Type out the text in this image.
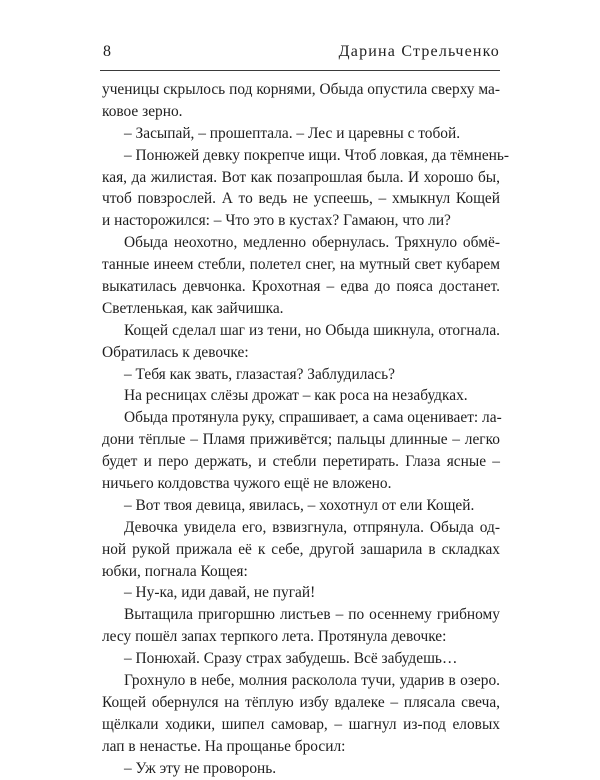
8	Дарина Стрельченко
ученицы скрылось под корнями, Обыда опустила сверху ма-
ковое зерно.
– Засыпай, – прошептала. – Лес и царевны с тобой.
– Понюжей девку покрепче ищи. Чтоб ловкая, да тёмнень-
кая, да жилистая. Вот как позапрошлая была. И хорошо бы,
чтоб повзрослей. А то ведь не успеешь, – хмыкнул Кощей
и насторожился: – Что это в кустах? Гамаюн, что ли?
Обыда неохотно, медленно обернулась. Тряхнуло обмё-
танные инеем стебли, полетел снег, на мутный свет кубарем
выкатилась девчонка. Крохотная – едва до пояса достанет.
Светленькая, как зайчишка.
Кощей сделал шаг из тени, но Обыда шикнула, отогнала.
Обратилась к девочке:
– Тебя как звать, глазастая? Заблудилась?
На ресницах слёзы дрожат – как роса на незабудках.
Обыда протянула руку, спрашивает, а сама оценивает: ла-
дони тёплые – Пламя приживётся; пальцы длинные – легко
будет и перо держать, и стебли перетирать. Глаза ясные –
ничьего колдовства чужого ещё не вложено.
– Вот твоя девица, явилась, – хохотнул от ели Кощей.
Девочка увидела его, взвизгнула, отпрянула. Обыда од-
ной рукой прижала её к себе, другой зашарила в складках
юбки, погнала Кощея:
– Ну-ка, иди давай, не пугай!
Вытащила пригоршню листьев – по осеннему грибному
лесу пошёл запах терпкого лета. Протянула девочке:
– Понюхай. Сразу страх забудешь. Всё забудешь…
Грохнуло в небе, молния расколола тучи, ударив в озеро.
Кощей обернулся на тёплую избу вдалеке – плясала свеча,
щёлкали ходики, шипел самовар, – шагнул из-под еловых
лап в ненастье. На прощанье бросил:
– Уж эту не проворонь.
